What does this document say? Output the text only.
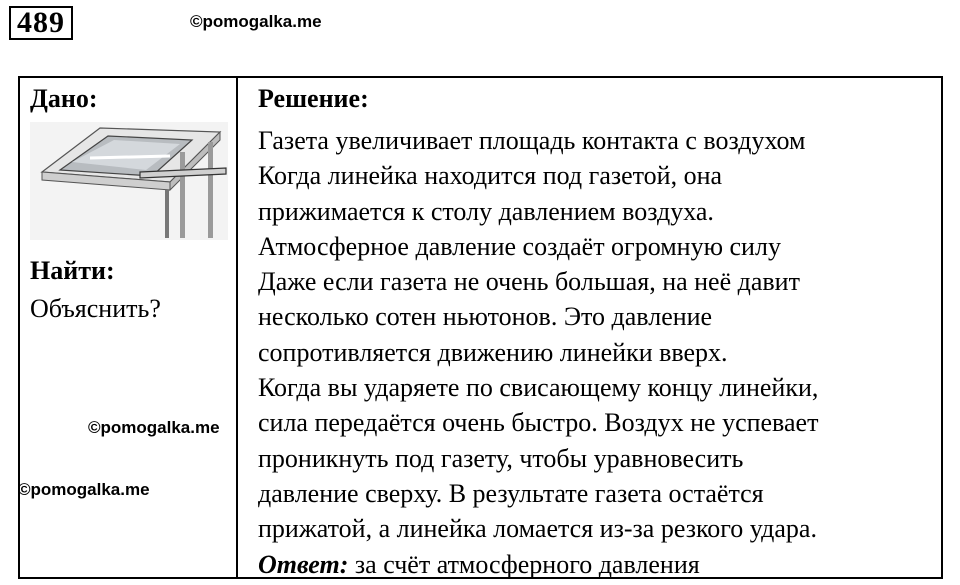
489	©pomogalka.me
Дано:
Найти:
Объяснить?
Решение:
Газета увеличивает площадь контакта с воздухом
Когда линейка находится под газетой, она
прижимается к столу давлением воздуха.
Атмосферное давление создаёт огромную силу
Даже если газета не очень большая, на неё давит
несколько сотен ньютонов. Это давление
сопротивляется движению линейки вверх.
Когда вы ударяете по свисающему концу линейки,
сила передаётся очень быстро. Воздух не успевает
проникнуть под газету, чтобы уравновесить
давление сверху. В результате газета остаётся
прижатой, а линейка ломается из-за резкого удара.
Ответ: за счёт атмосферного давления
©pomogalka.me
©pomogalka.me
